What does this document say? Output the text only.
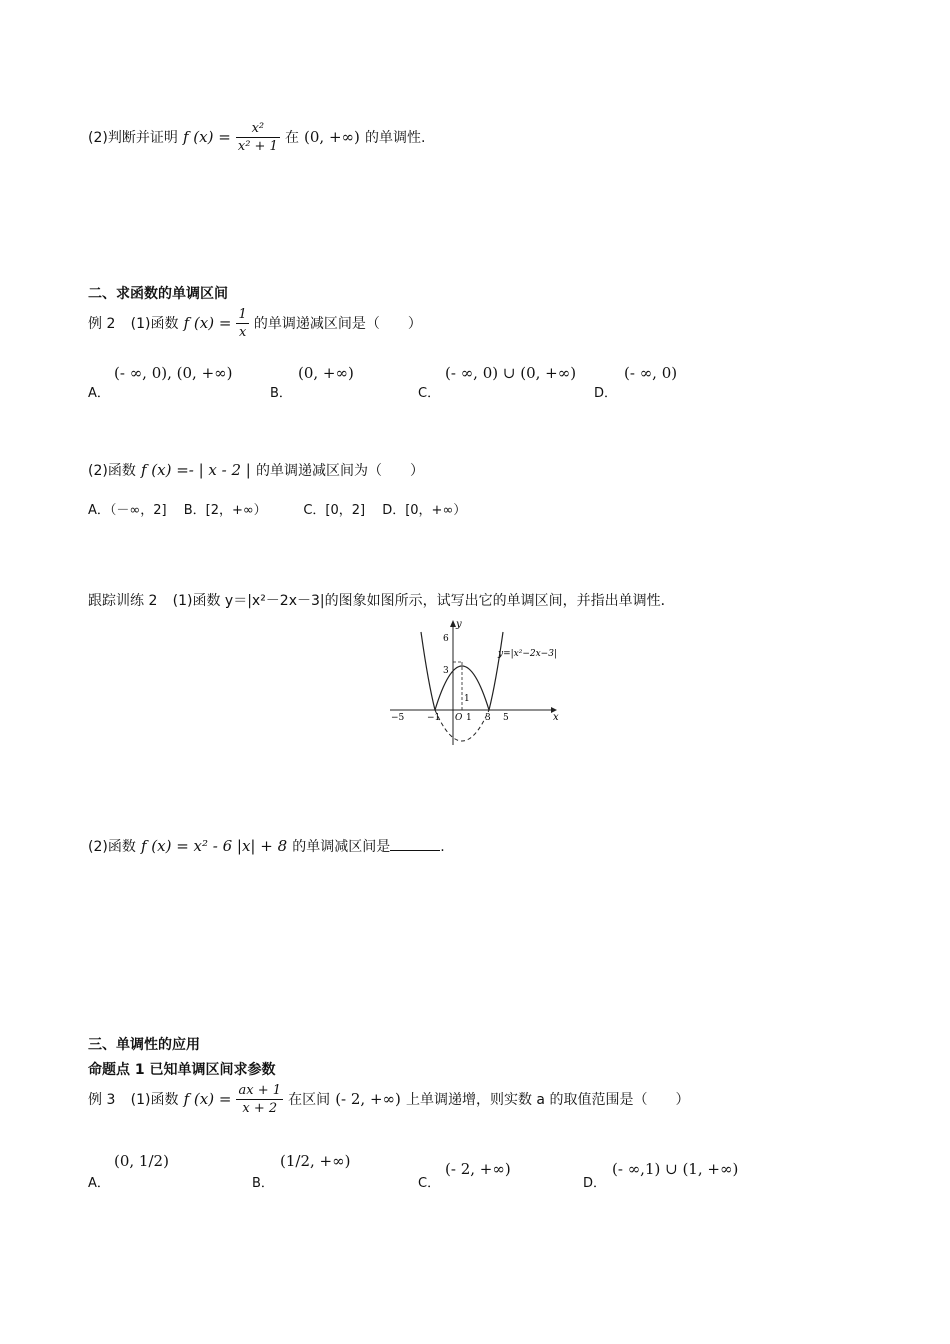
(2)判断并证明 f $(x) = \frac{\text{x²}}{\text{x² + 1}}$ 在 (0, +∞) 的单调性.
二、求函数的单调区间
例 2 (1)函数 f $(x) = \frac{1}{x}$ 的单调递减区间是（　　）
A．
(- ∞, 0), (0, +∞)
B．
(0, +∞)
C．
(- ∞, 0) ∪ (0, +∞)
D．
(- ∞, 0)
(2)函数 f (x) =- | x - 2 | 的单调递减区间为（　　）
A．（－∞，2]　 B．[2，+∞）　　　 C．[0，2]　 D．[0，+∞）
跟踪训练 2 (1)函数 y＝|x²－2x－3|的图象如图所示，试写出它的单调区间，并指出单调性．
x
y
y=|x²−2x−3|
6
3
1
−5	−1 O 1 3 5
(2)函数 f (x) = x² - 6 |x| + 8 的单调减区间是	.
三、单调性的应用
命题点 1 已知单调区间求参数
例 3 (1)函数 f $(x) = \frac{ax + 1}{x + 2}$ 在区间 (- 2, +∞) 上单调递增，则实数 a 的取值范围是（　　）
A．
(0, 1/2)
B．
(1/2, +∞)
C．
(- 2, +∞)
D．
(- ∞,1) ∪ (1, +∞)
